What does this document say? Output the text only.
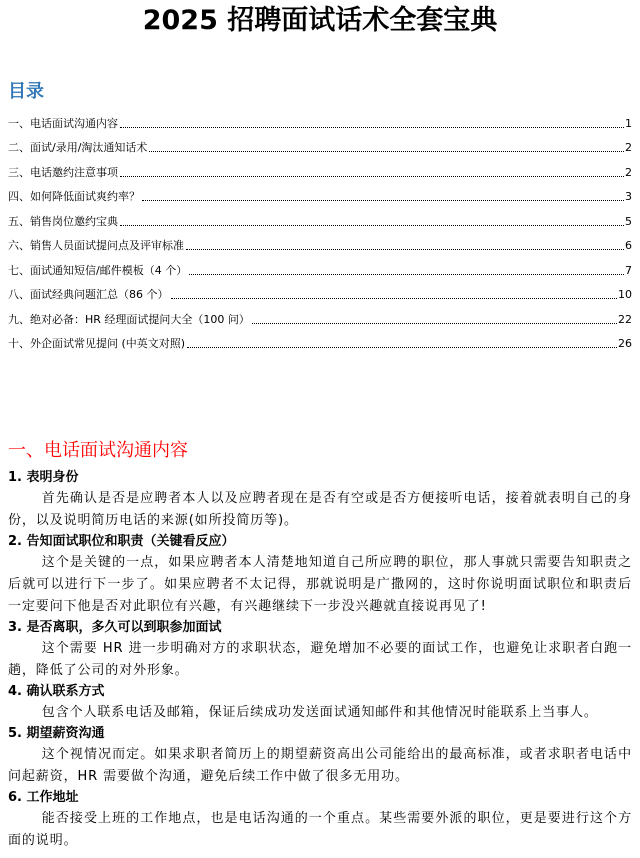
2025 招聘面试话术全套宝典
目录
一、电话面试沟通内容	1
二、面试/录用/淘汰通知话术	2
三、电话邀约注意事项	2
四、如何降低面试爽约率？	3
五、销售岗位邀约宝典	5
六、销售人员面试提问点及评审标准	6
七、面试通知短信/邮件模板（4 个）	7
八、面试经典问题汇总（86 个）	10
九、绝对必备：HR 经理面试提问大全（100 问）	22
十、外企面试常见提问 (中英文对照)	26
一、电话面试沟通内容
1. 表明身份

首先确认是否是应聘者本人以及应聘者现在是否有空或是否方便接听电话，接着就表明自己的身份，以及说明简历电话的来源(如所投简历等)。

2. 告知面试职位和职责（关键看反应）

这个是关键的一点，如果应聘者本人清楚地知道自己所应聘的职位，那人事就只需要告知职责之后就可以进行下一步了。如果应聘者不太记得，那就说明是广撒网的，这时你说明面试职位和职责后一定要问下他是否对此职位有兴趣，有兴趣继续下一步没兴趣就直接说再见了!

3. 是否离职，多久可以到职参加面试

这个需要 HR 进一步明确对方的求职状态，避免增加不必要的面试工作，也避免让求职者白跑一趟，降低了公司的对外形象。

4. 确认联系方式

包含个人联系电话及邮箱，保证后续成功发送面试通知邮件和其他情况时能联系上当事人。

5. 期望薪资沟通

这个视情况而定。如果求职者简历上的期望薪资高出公司能给出的最高标准，或者求职者电话中问起薪资，HR 需要做个沟通，避免后续工作中做了很多无用功。

6. 工作地址

能否接受上班的工作地点，也是电话沟通的一个重点。某些需要外派的职位，更是要进行这个方面的说明。
